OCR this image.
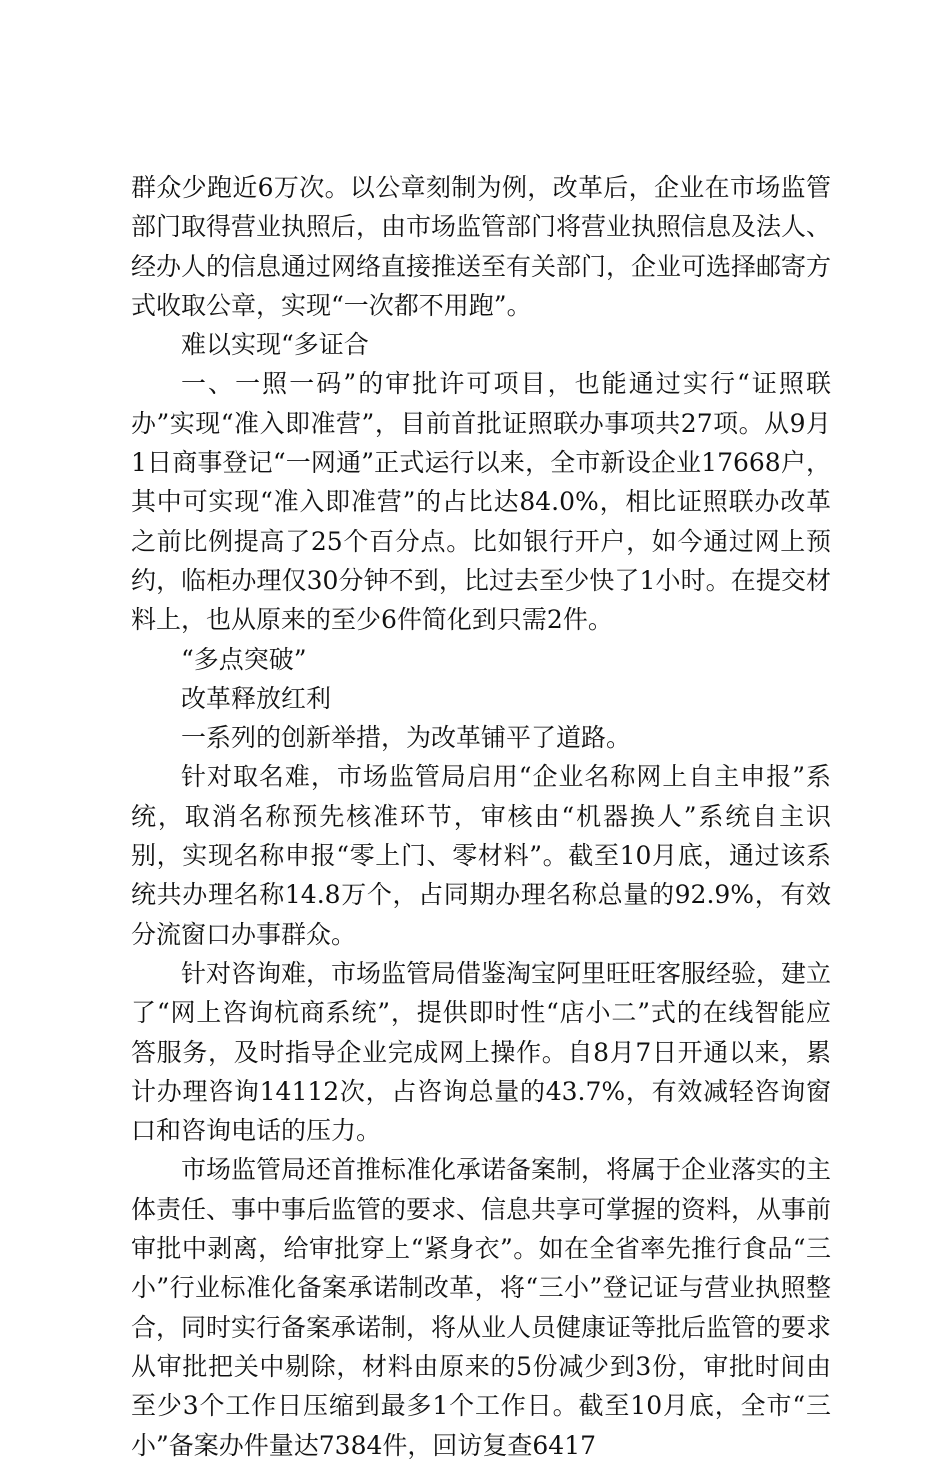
群众少跑近6万次。以公章刻制为例，改革后，企业在市场监管部门取得营业执照后，由市场监管部门将营业执照信息及法人、经办人的信息通过网络直接推送至有关部门，企业可选择邮寄方式收取公章，实现“一次都不用跑”。

难以实现“多证合

一、一照一码”的审批许可项目，也能通过实行“证照联办”实现“准入即准营”，目前首批证照联办事项共27项。从9月1日商事登记“一网通”正式运行以来，全市新设企业17668户，其中可实现“准入即准营”的占比达84.0%，相比证照联办改革之前比例提高了25个百分点。比如银行开户，如今通过网上预约，临柜办理仅30分钟不到，比过去至少快了1小时。在提交材料上，也从原来的至少6件简化到只需2件。

“多点突破”

改革释放红利

一系列的创新举措，为改革铺平了道路。

针对取名难，市场监管局启用“企业名称网上自主申报”系统，取消名称预先核准环节，审核由“机器换人”系统自主识别，实现名称申报“零上门、零材料”。截至10月底，通过该系统共办理名称14.8万个，占同期办理名称总量的92.9%，有效分流窗口办事群众。

针对咨询难，市场监管局借鉴淘宝阿里旺旺客服经验，建立了“网上咨询杭商系统”，提供即时性“店小二”式的在线智能应答服务，及时指导企业完成网上操作。自8月7日开通以来，累计办理咨询14112次，占咨询总量的43.7%，有效减轻咨询窗口和咨询电话的压力。

市场监管局还首推标准化承诺备案制，将属于企业落实的主体责任、事中事后监管的要求、信息共享可掌握的资料，从事前审批中剥离，给审批穿上“紧身衣”。如在全省率先推行食品“三小”行业标准化备案承诺制改革，将“三小”登记证与营业执照整合，同时实行备案承诺制，将从业人员健康证等批后监管的要求从审批把关中剔除，材料由原来的5份减少到3份，审批时间由至少3个工作日压缩到最多1个工作日。截至10月底，全市“三小”备案办件量达7384件，回访复查6417
